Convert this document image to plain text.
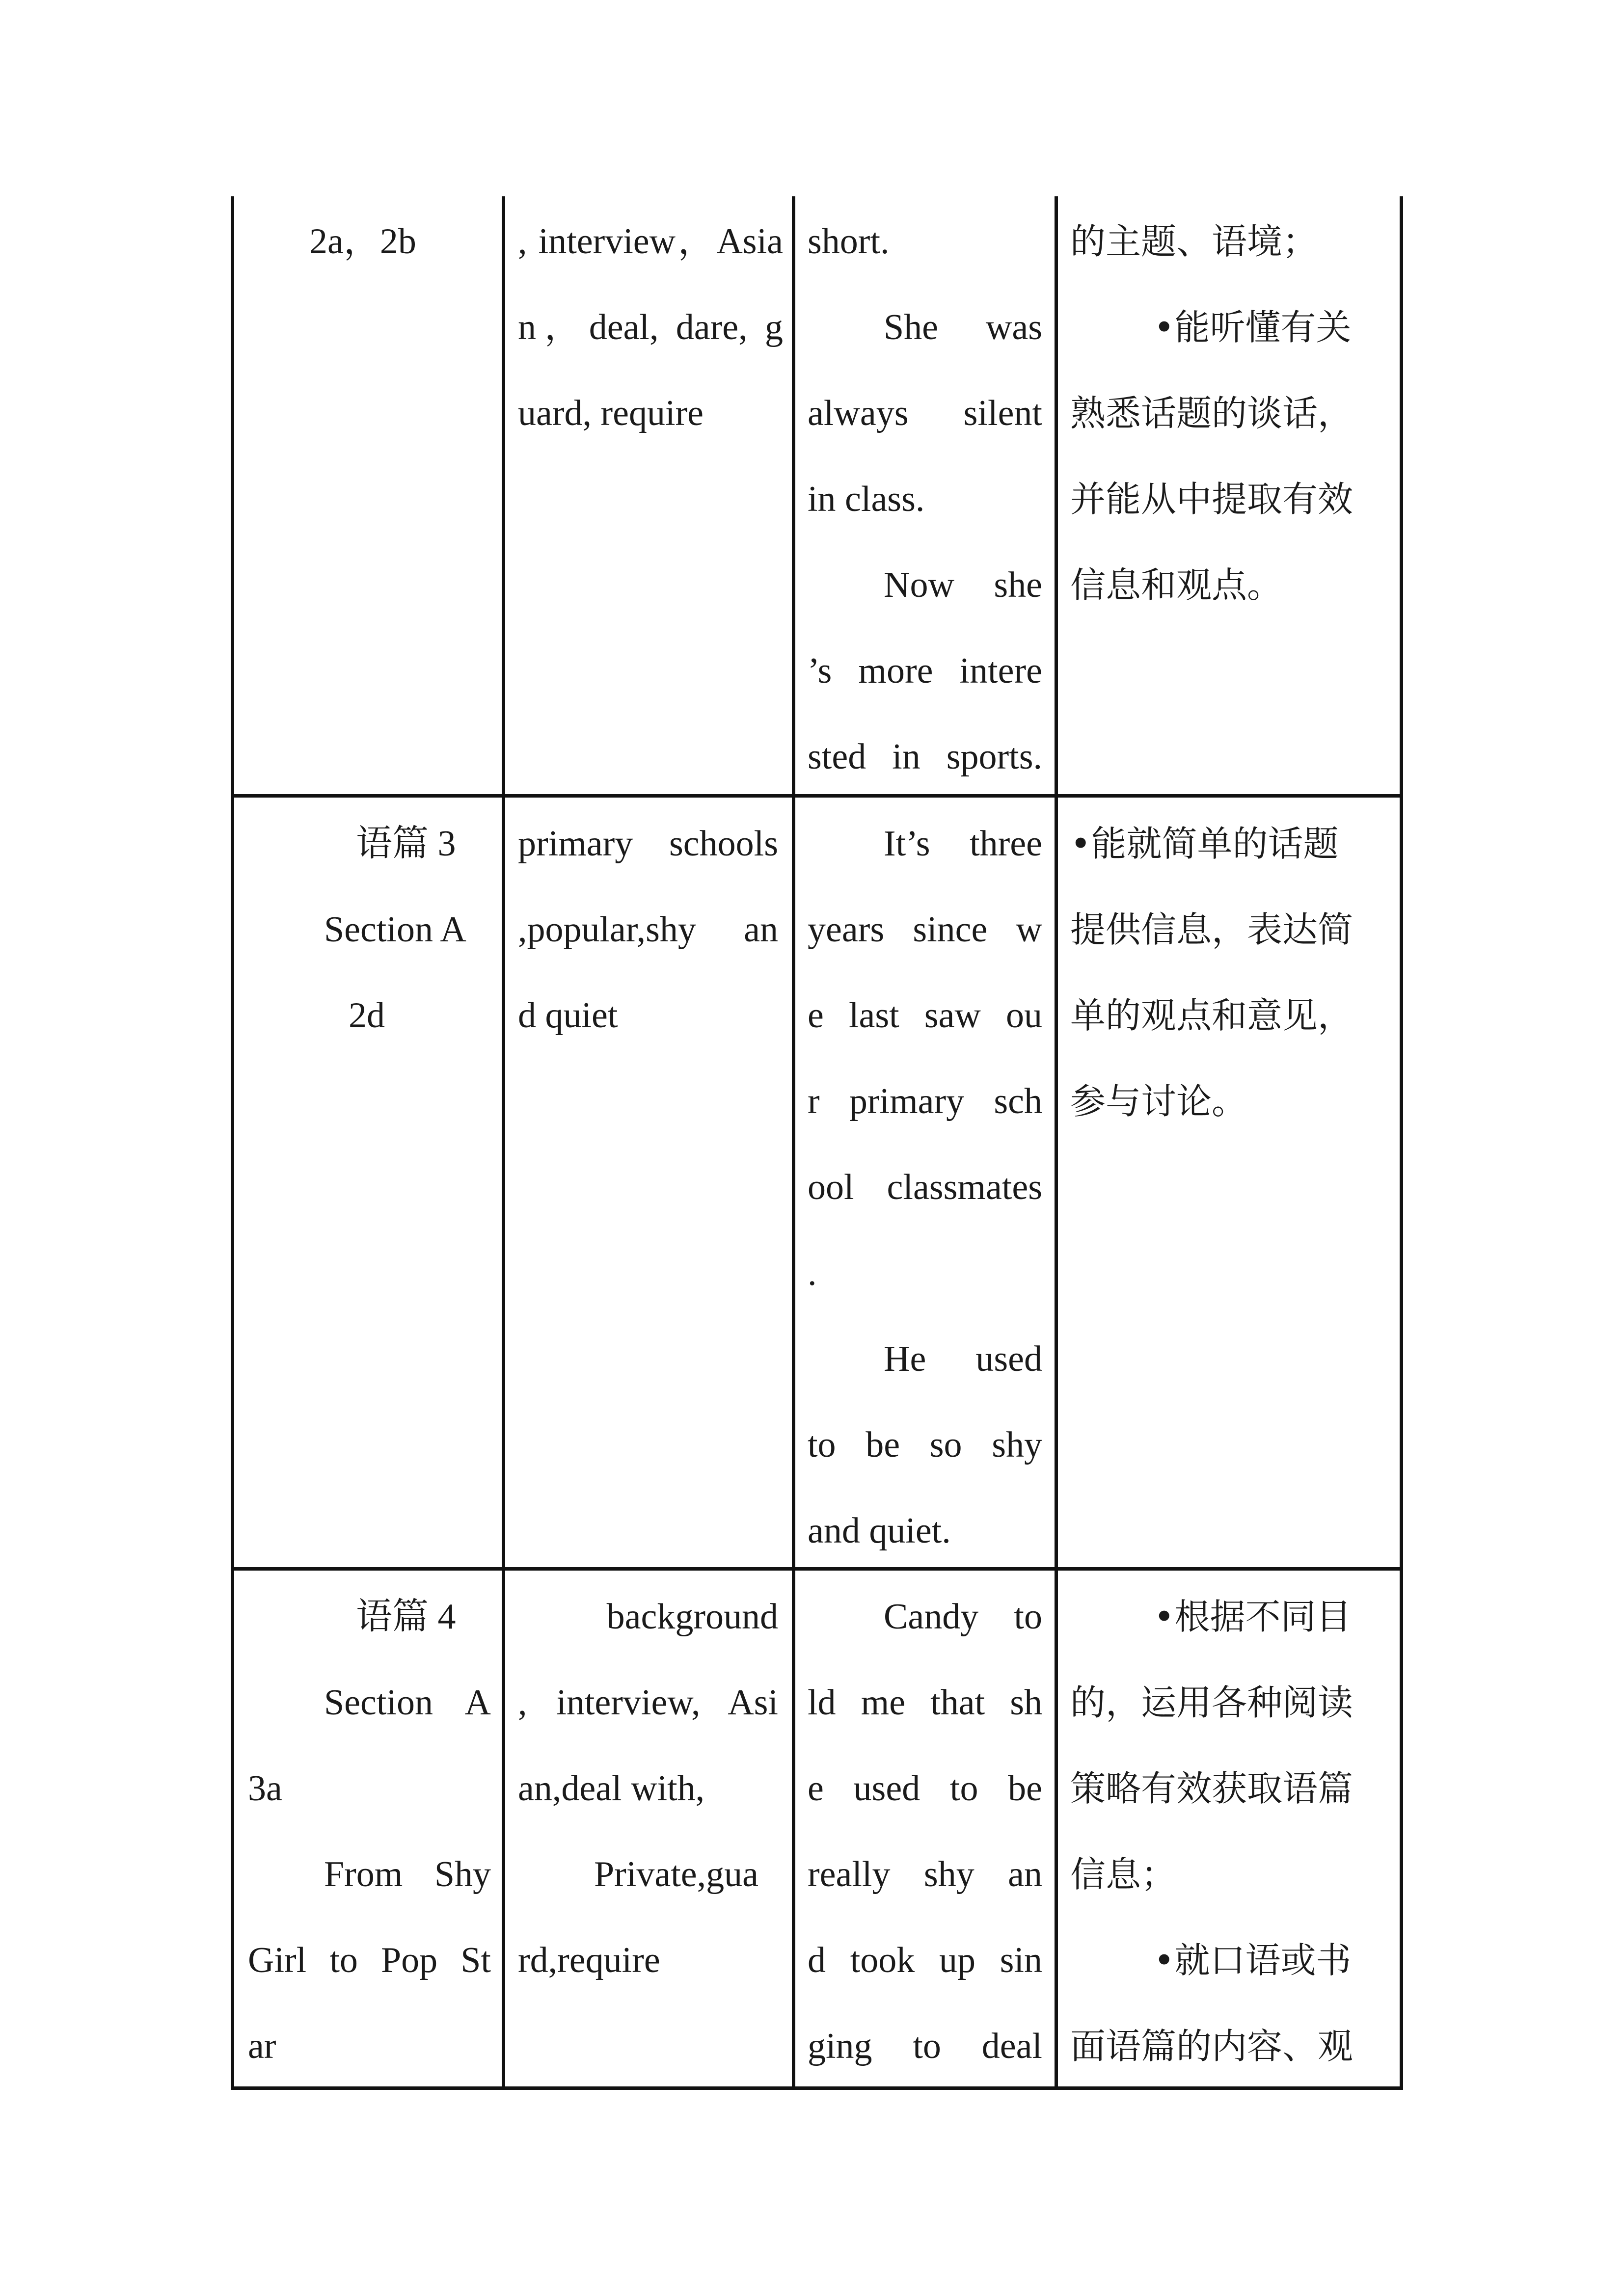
2a，2b	, interview，Asia
n，deal, dare, g
uard, require
short.
She was
always silent
in class.
Now she
’s more intere
sted in sports.
的主题、语境；
•能听懂有关
熟悉话题的谈话，
并能从中提取有效
信息和观点。
语篇 3
Section A
2d
primary schools
,popular,shy an
d quiet
It’s three
years since w
e last saw ou
r primary sch
ool classmates
.
He used
to be so shy
and quiet.
•能就简单的话题
提供信息，表达简
单的观点和意见，
参与讨论。
语篇 4
Section A
3a
From Shy
Girl to Pop St
ar
background
, interview, Asi
an,deal with,
Private,gua
rd,require
Candy to
ld me that sh
e used to be
really shy an
d took up sin
ging to deal
•根据不同目
的，运用各种阅读
策略有效获取语篇
信息；
•就口语或书
面语篇的内容、观
